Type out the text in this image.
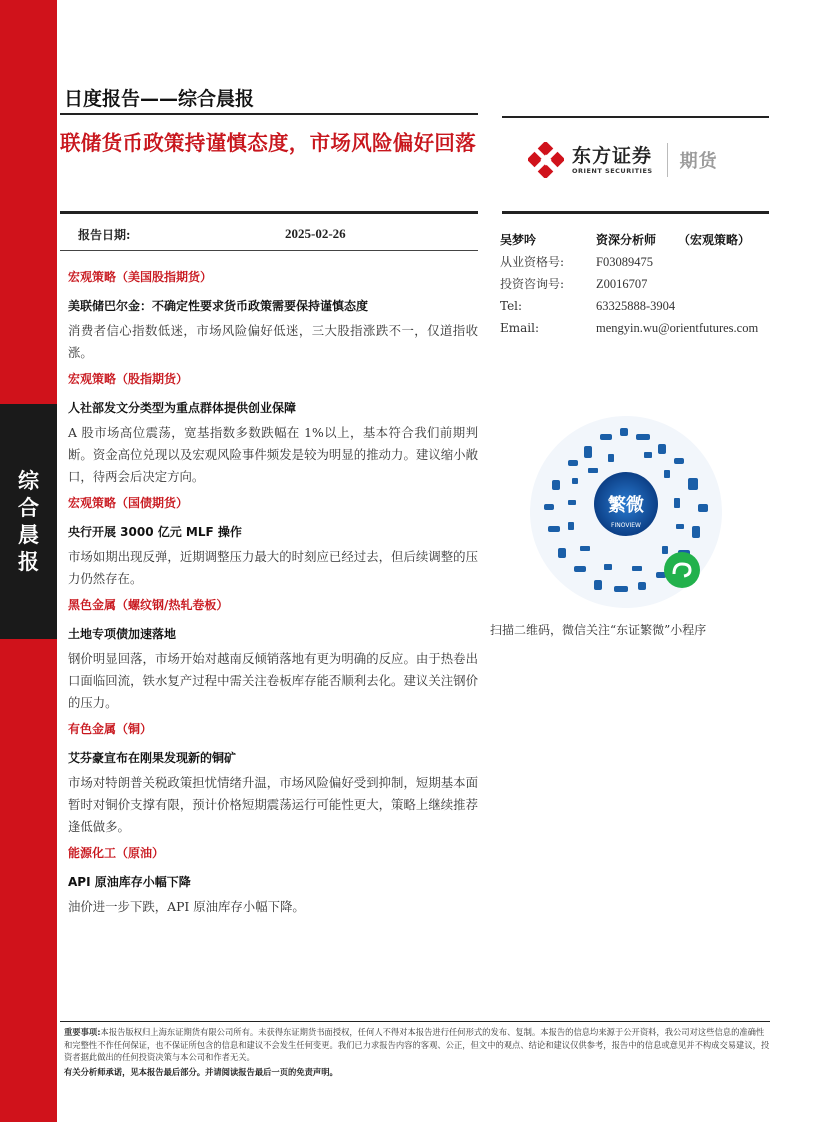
综
合
晨
报
日度报告——综合晨报
联储货币政策持谨慎态度，市场风险偏好回落
东方证券
ORIENT SECURITIES 期货
报告日期:	2025-02-26
宏观策略（美国股指期货）
美联储巴尔金：不确定性要求货币政策需要保持谨慎态度
消费者信心指数低迷，市场风险偏好低迷，三大股指涨跌不一，仅道指收涨。
宏观策略（股指期货）
人社部发文分类型为重点群体提供创业保障
A 股市场高位震荡，宽基指数多数跌幅在 1%以上，基本符合我们前期判断。资金高位兑现以及宏观风险事件频发是较为明显的推动力。建议缩小敞口，待两会后决定方向。
宏观策略（国债期货）
央行开展 3000 亿元 MLF 操作
市场如期出现反弹，近期调整压力最大的时刻应已经过去，但后续调整的压力仍然存在。
黑色金属（螺纹钢/热轧卷板）
土地专项债加速落地
钢价明显回落，市场开始对越南反倾销落地有更为明确的反应。由于热卷出口面临回流，铁水复产过程中需关注卷板库存能否顺利去化。建议关注钢价的压力。
有色金属（铜）
艾芬豪宣布在刚果发现新的铜矿
市场对特朗普关税政策担忧情绪升温，市场风险偏好受到抑制，短期基本面暂时对铜价支撑有限，预计价格短期震荡运行可能性更大，策略上继续推荐逢低做多。
能源化工（原油）
API 原油库存小幅下降
油价进一步下跌，API 原油库存小幅下降。
吴梦吟	资深分析师 （宏观策略）
从业资格号:	F03089475
投资咨询号:	Z0016707
Tel:	63325888-3904
Email:	mengyin.wu@orientfutures.com
繁微
FINOVIEW
扫描二维码，微信关注“东证繁微”小程序
重要事项:本报告版权归上海东证期货有限公司所有。未获得东证期货书面授权，任何人不得对本报告进行任何形式的发布、复制。本报告的信息均来源于公开资料，我公司对这些信息的准确性和完整性不作任何保证，也不保证所包含的信息和建议不会发生任何变更。我们已力求报告内容的客观、公正，但文中的观点、结论和建议仅供参考，报告中的信息或意见并不构成交易建议，投资者据此做出的任何投资决策与本公司和作者无关。
有关分析师承诺，见本报告最后部分。并请阅读报告最后一页的免责声明。
